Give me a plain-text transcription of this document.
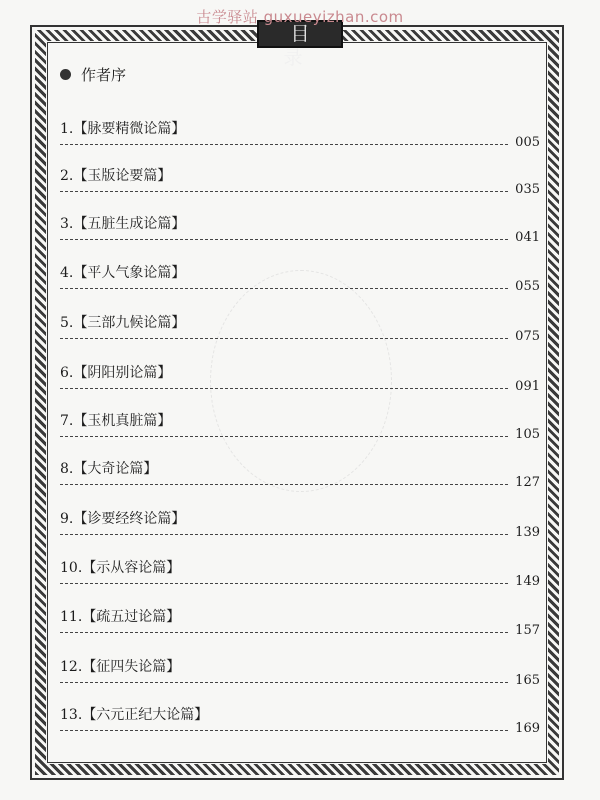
古学驿站 guxueyizhan.com
目 录
作者序
1.【脉要精微论篇】
005
2.【玉版论要篇】
035
3.【五脏生成论篇】
041
4.【平人气象论篇】
055
5.【三部九候论篇】
075
6.【阴阳别论篇】
091
7.【玉机真脏篇】
105
8.【大奇论篇】
127
9.【诊要经终论篇】
139
10.【示从容论篇】
149
11.【疏五过论篇】
157
12.【征四失论篇】
165
13.【六元正纪大论篇】
169
